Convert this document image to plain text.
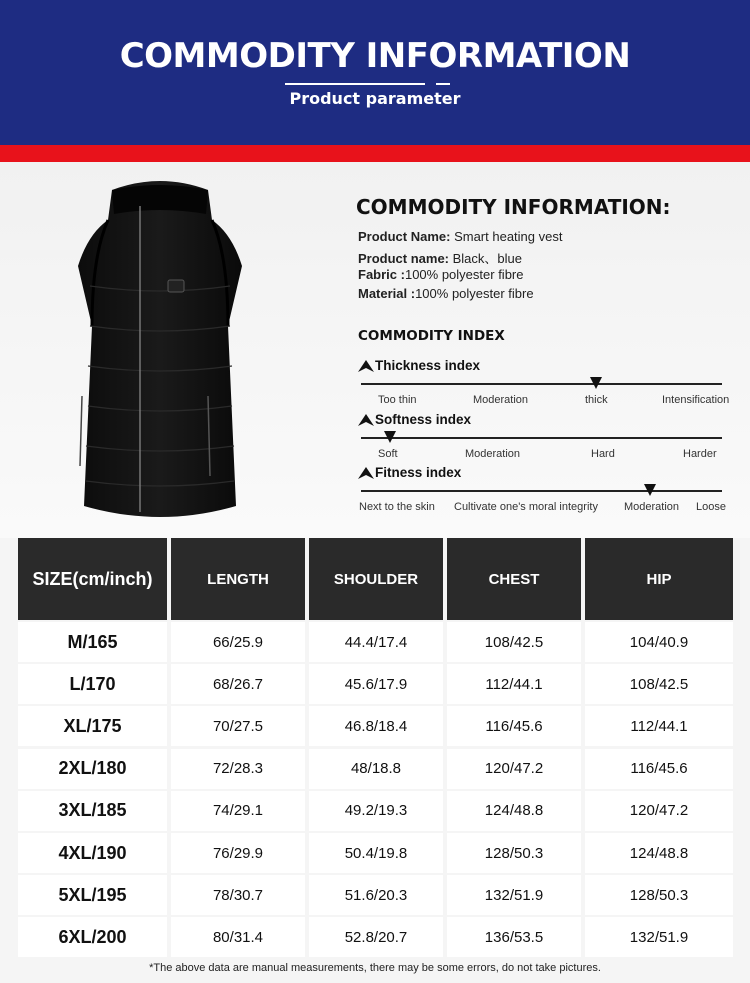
COMMODITY INFORMATION
Product parameter
COMMODITY INFORMATION:
Product Name: Smart heating vest
Product name: Black、blue
Fabric :100% polyester fibre
Material :100% polyester fibre
COMMODITY INDEX
Thickness index
Too thin	Moderation	thick	Intensification
Softness index
Soft	Moderation	Hard	Harder
Fitness index
Next to the skin Cultivate one's moral integrity Moderation Loose
SIZE(cm/inch)	LENGTH	SHOULDER	CHEST	HIP
M/165	66/25.9	44.4/17.4	108/42.5	104/40.9
L/170	68/26.7	45.6/17.9	112/44.1	108/42.5
XL/175	70/27.5	46.8/18.4	116/45.6	112/44.1
2XL/180	72/28.3	48/18.8	120/47.2	116/45.6
3XL/185	74/29.1	49.2/19.3	124/48.8	120/47.2
4XL/190	76/29.9	50.4/19.8	128/50.3	124/48.8
5XL/195	78/30.7	51.6/20.3	132/51.9	128/50.3
6XL/200	80/31.4	52.8/20.7	136/53.5	132/51.9
*The above data are manual measurements, there may be some errors, do not take pictures.
